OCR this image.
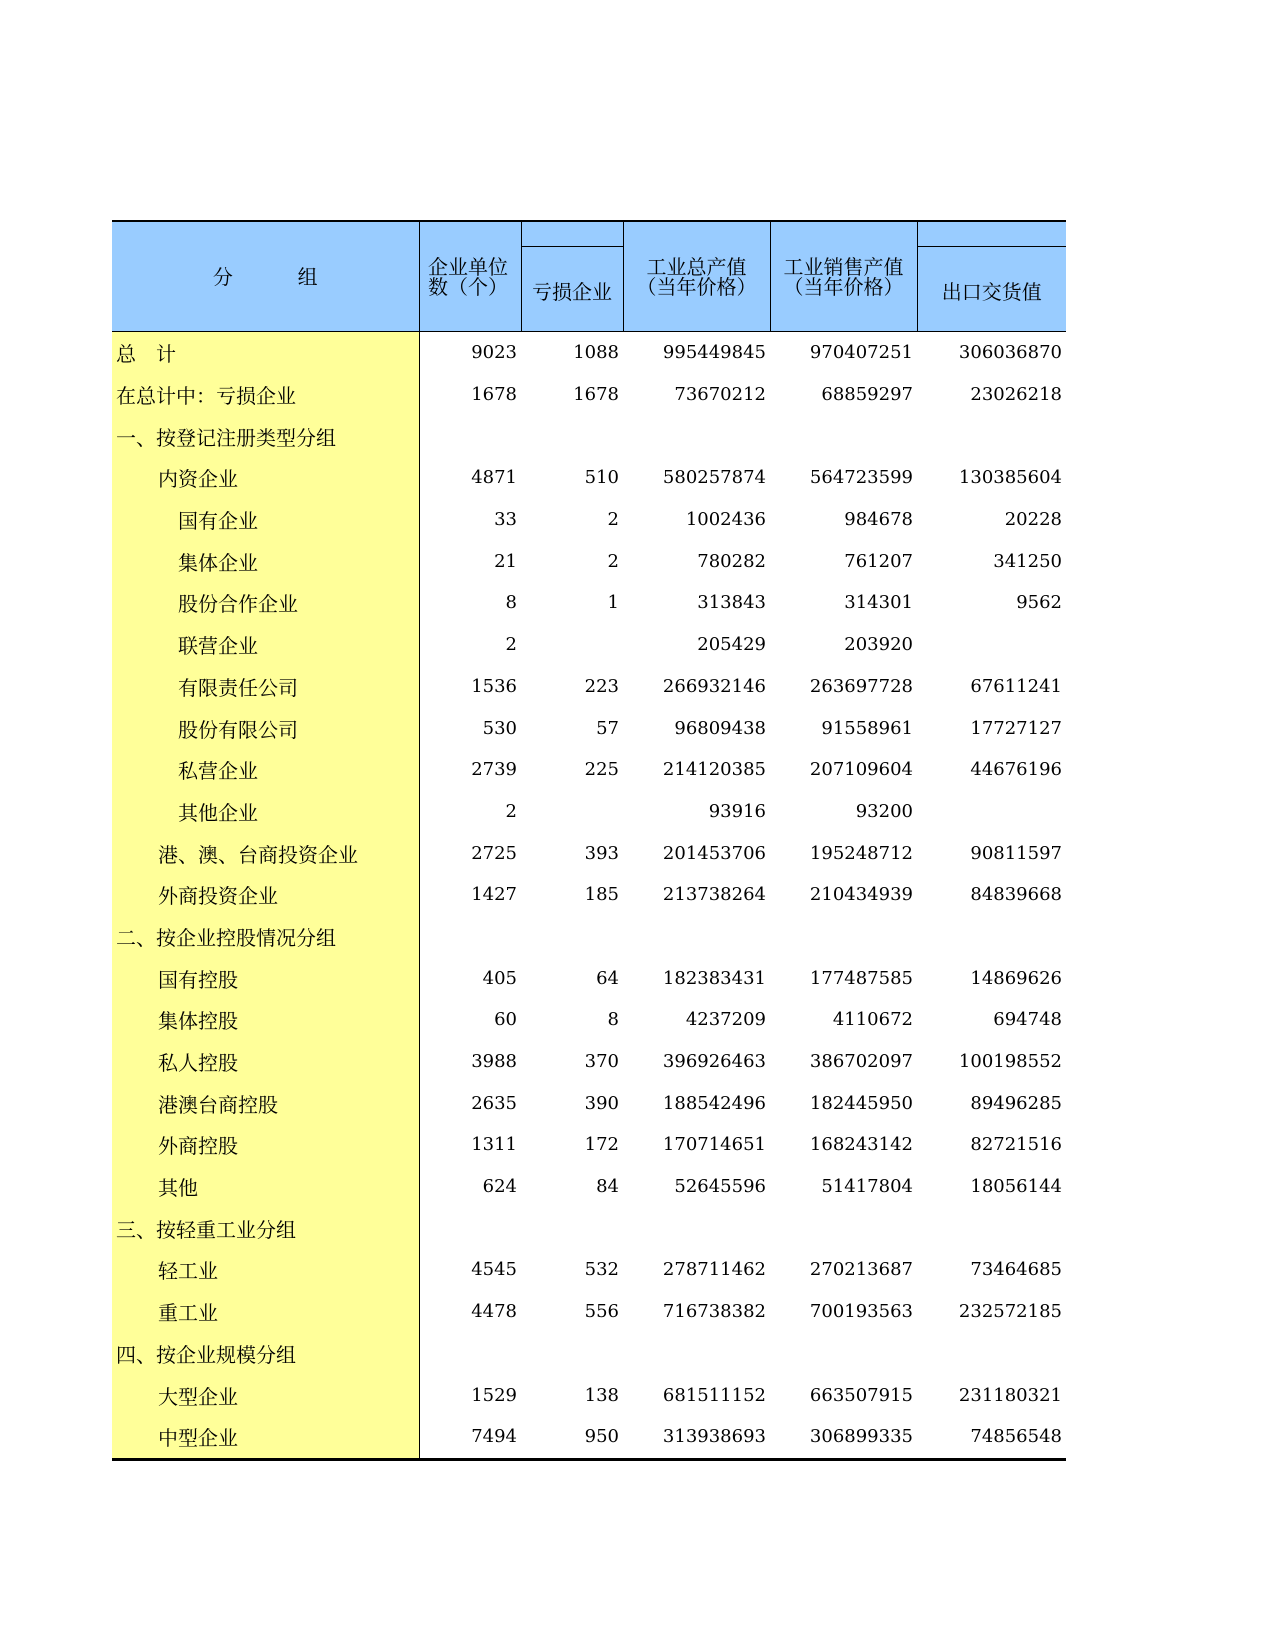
分 组	企业单位数（个）		工业总产值（当年价格）	工业销售产值（当年价格）	

		亏损企业			出口交货值
总　计	9023	1088	995449845	970407251	306036870
在总计中：亏损企业	1678	1678	73670212	68859297	23026218
一、按登记注册类型分组					
内资企业	4871	510	580257874	564723599	130385604
国有企业	33	2	1002436	984678	20228
集体企业	21	2	780282	761207	341250
股份合作企业	8	1	313843	314301	9562
联营企业	2		205429	203920	
有限责任公司	1536	223	266932146	263697728	67611241
股份有限公司	530	57	96809438	91558961	17727127
私营企业	2739	225	214120385	207109604	44676196
其他企业	2		93916	93200	
港、澳、台商投资企业	2725	393	201453706	195248712	90811597
外商投资企业	1427	185	213738264	210434939	84839668
二、按企业控股情况分组					
国有控股	405	64	182383431	177487585	14869626
集体控股	60	8	4237209	4110672	694748
私人控股	3988	370	396926463	386702097	100198552
港澳台商控股	2635	390	188542496	182445950	89496285
外商控股	1311	172	170714651	168243142	82721516
其他	624	84	52645596	51417804	18056144
三、按轻重工业分组					
轻工业	4545	532	278711462	270213687	73464685
重工业	4478	556	716738382	700193563	232572185
四、按企业规模分组					
大型企业	1529	138	681511152	663507915	231180321
中型企业	7494	950	313938693	306899335	74856548
